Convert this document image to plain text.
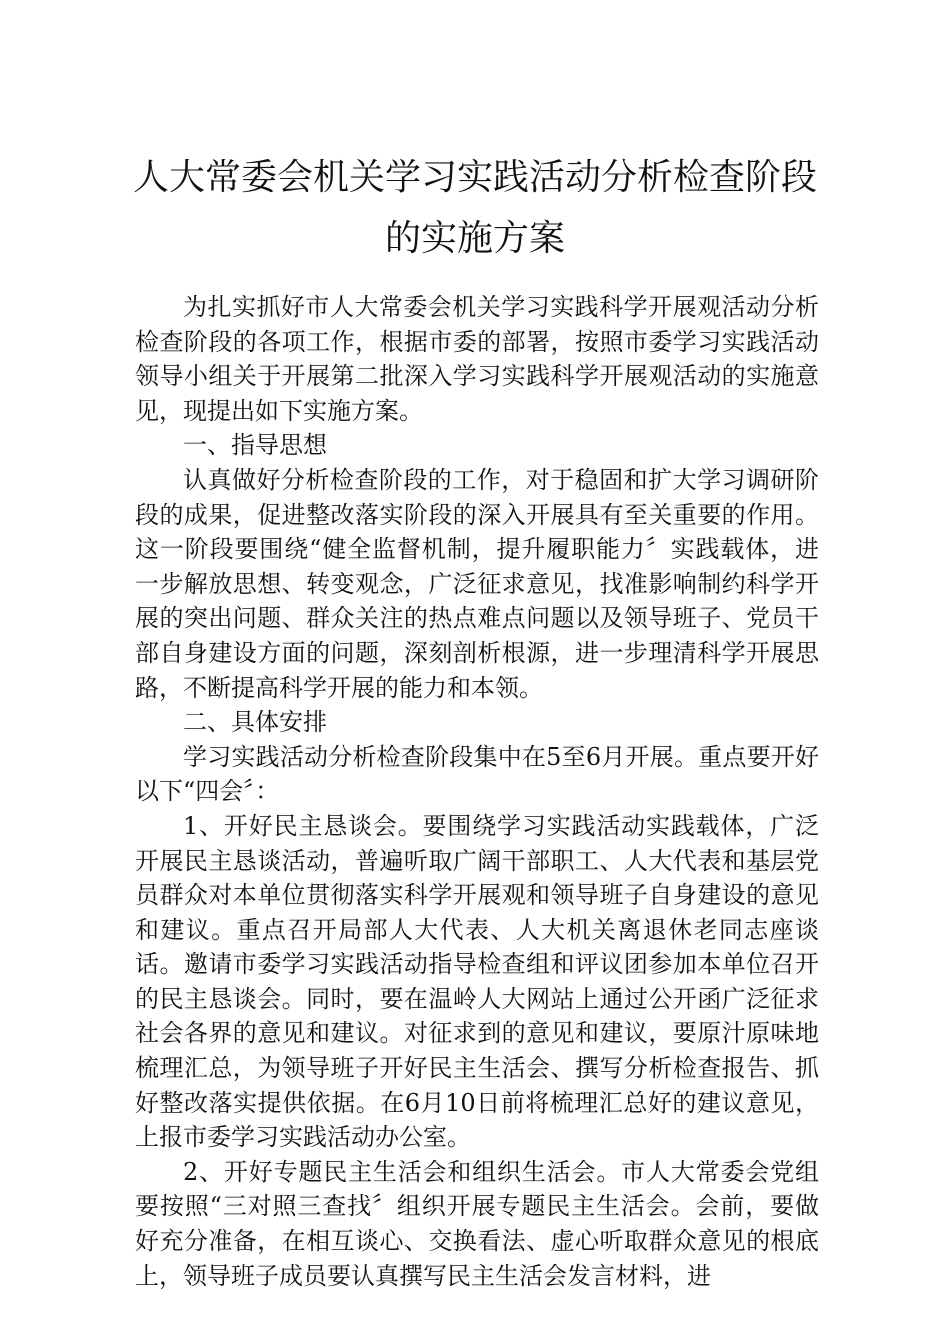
人大常委会机关学习实践活动分析检查阶段
的实施方案

为扎实抓好市人大常委会机关学习实践科学开展观活动分析检查阶段的各项工作，根据市委的部署，按照市委学习实践活动领导小组关于开展第二批深入学习实践科学开展观活动的实施意见，现提出如下实施方案。

一、指导思想

认真做好分析检查阶段的工作，对于稳固和扩大学习调研阶段的成果，促进整改落实阶段的深入开展具有至关重要的作用。这一阶段要围绕“健全监督机制，提升履职能力〞实践载体，进一步解放思想、转变观念，广泛征求意见，找准影响制约科学开展的突出问题、群众关注的热点难点问题以及领导班子、党员干部自身建设方面的问题，深刻剖析根源，进一步理清科学开展思路，不断提高科学开展的能力和本领。

二、具体安排

学习实践活动分析检查阶段集中在5至6月开展。重点要开好以下“四会〞：

1、开好民主恳谈会。要围绕学习实践活动实践载体，广泛开展民主恳谈活动，普遍听取广阔干部职工、人大代表和基层党员群众对本单位贯彻落实科学开展观和领导班子自身建设的意见和建议。重点召开局部人大代表、人大机关离退休老同志座谈话。邀请市委学习实践活动指导检查组和评议团参加本单位召开的民主恳谈会。同时，要在温岭人大网站上通过公开函广泛征求社会各界的意见和建议。对征求到的意见和建议，要原汁原味地梳理汇总，为领导班子开好民主生活会、撰写分析检查报告、抓好整改落实提供依据。在6月10日前将梳理汇总好的建议意见，上报市委学习实践活动办公室。

2、开好专题民主生活会和组织生活会。市人大常委会党组要按照“三对照三查找〞组织开展专题民主生活会。会前，要做好充分准备，在相互谈心、交换看法、虚心听取群众意见的根底上，领导班子成员要认真撰写民主生活会发言材料，进
